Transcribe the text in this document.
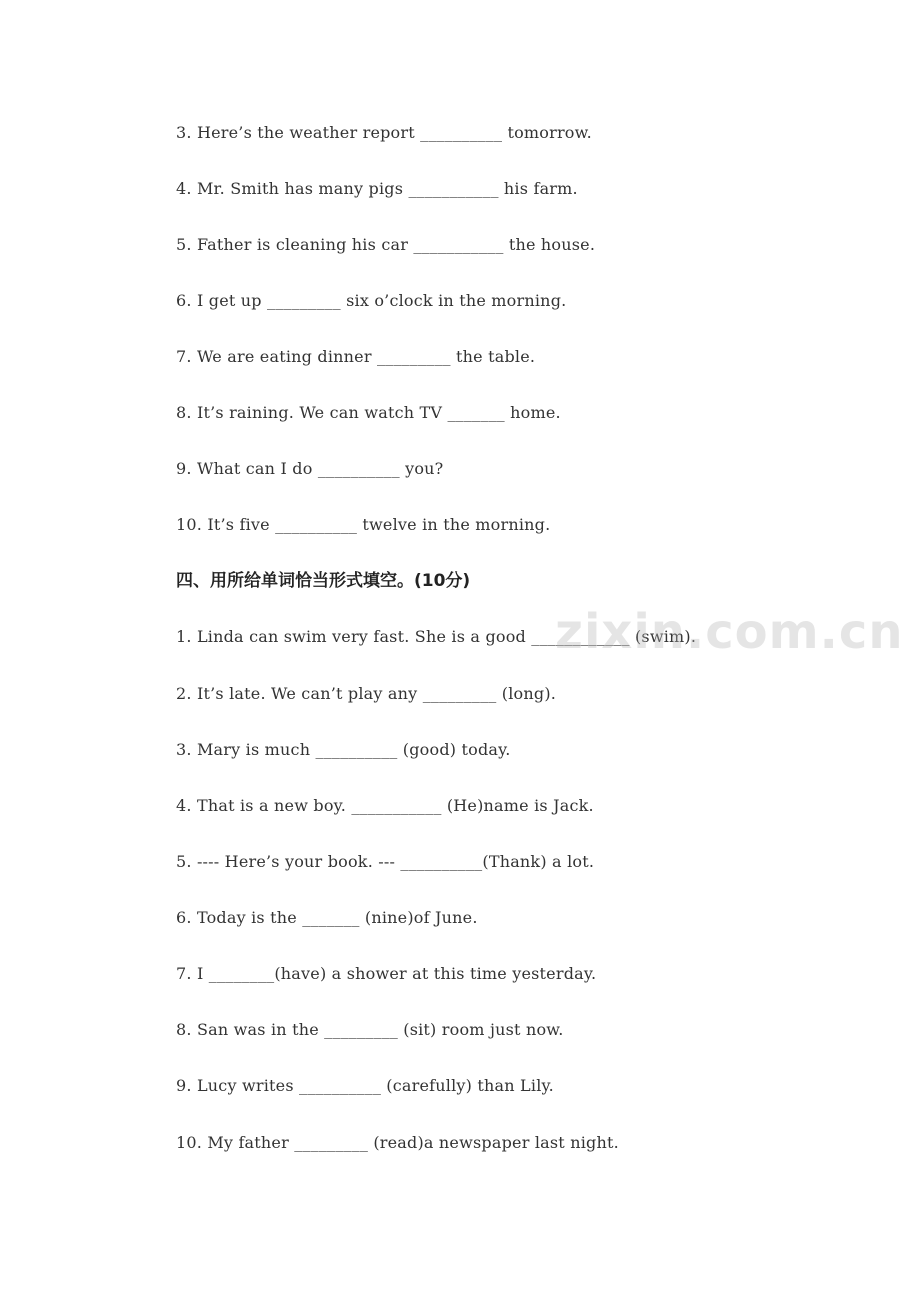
3. Here’s the weather report __________ tomorrow.
4. Mr. Smith has many pigs ___________ his farm.
5. Father is cleaning his car ___________ the house.
6. I get up _________ six o’clock in the morning.
7. We are eating dinner _________ the table.
8. It’s raining. We can watch TV _______ home.
9. What can I do __________ you?
10. It’s five __________ twelve in the morning.
四、用所给单词恰当形式填空。(10分)
1. Linda can swim very fast. She is a good ____________ (swim).
2. It’s late. We can’t play any _________ (long).
3. Mary is much __________ (good) today.
4. That is a new boy. ___________ (He)name is Jack.
5. ---- Here’s your book. --- __________(Thank) a lot.
6. Today is the _______ (nine)of June.
7. I ________(have) a shower at this time yesterday.
8. San was in the _________ (sit) room just now.
9. Lucy writes __________ (carefully) than Lily.
10. My father _________ (read)a newspaper last night.
zixin.com.cn
